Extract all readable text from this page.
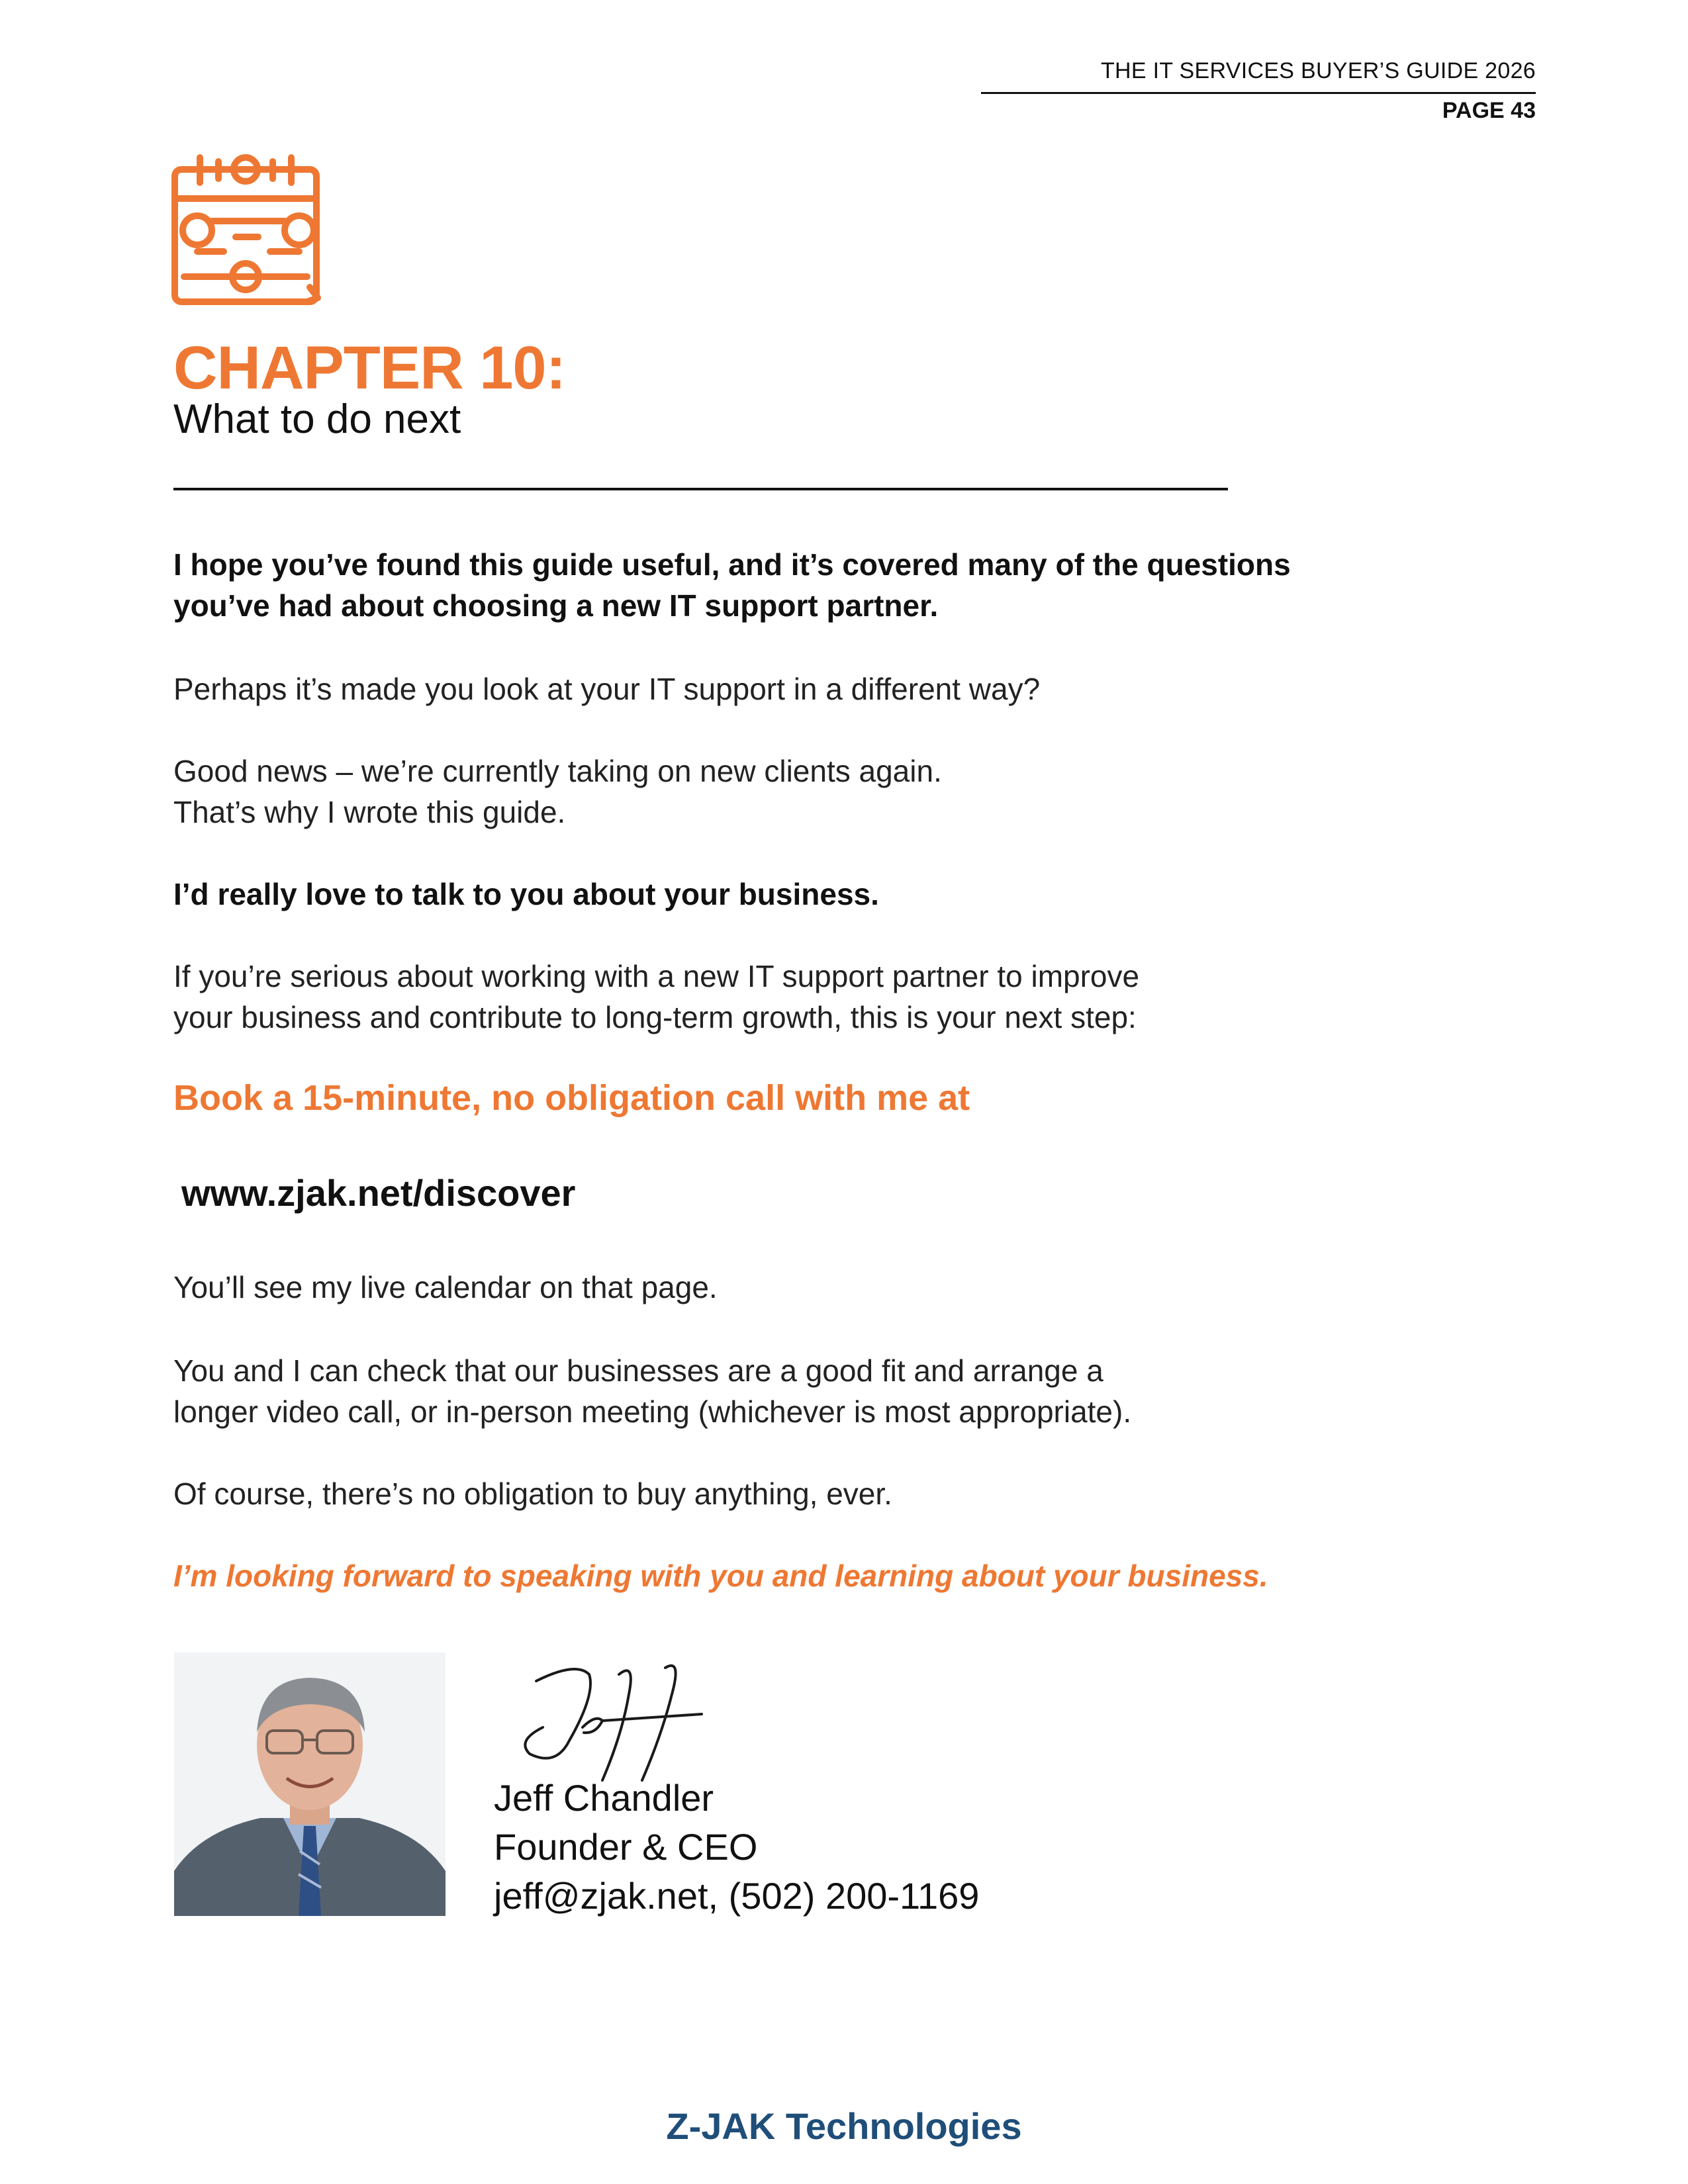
THE IT SERVICES BUYER’S GUIDE 2026
PAGE 43
CHAPTER 10:
What to do next
I hope you’ve found this guide useful, and it’s covered many of the questions
you’ve had about choosing a new IT support partner.
Perhaps it’s made you look at your IT support in a different way?
Good news – we’re currently taking on new clients again.
That’s why I wrote this guide.
I’d really love to talk to you about your business.
If you’re serious about working with a new IT support partner to improve
your business and contribute to long-term growth, this is your next step:
Book a 15-minute, no obligation call with me at
www.zjak.net/discover
You’ll see my live calendar on that page.
You and I can check that our businesses are a good fit and arrange a
longer video call, or in-person meeting (whichever is most appropriate).
Of course, there’s no obligation to buy anything, ever.
I’m looking forward to speaking with you and learning about your business.
Jeff Chandler
Founder & CEO
jeff@zjak.net, (502) 200-1169
Z-JAK Technologies
